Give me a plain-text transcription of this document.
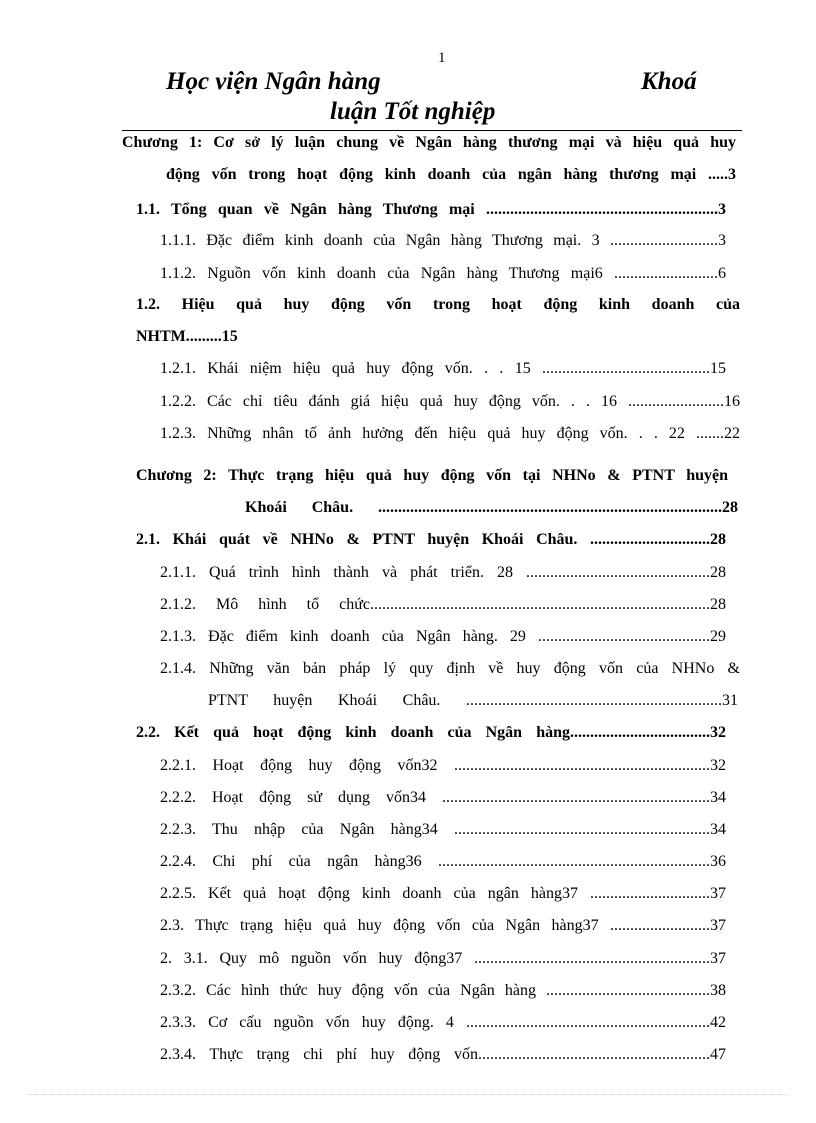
1
Học viện Ngân hàng	Khoá
luận Tốt nghiệp
Chương 1: Cơ sở lý luận chung về Ngân hàng thương mại và hiệu quả huy
động vốn trong hoạt động kinh doanh của ngân hàng thương mại .....3
1.1. Tổng quan về Ngân hàng Thương mại ..........................................................3
1.1.1. Đặc điểm kinh doanh của Ngân hàng Thương mại. 3 ...........................3
1.1.2. Nguồn vốn kinh doanh của Ngân hàng Thương mại6 ..........................6
1.2. Hiệu quả huy động vốn trong hoạt động kinh doanh của
NHTM.........15
1.2.1. Khái niệm hiệu quả huy động vốn. . . 15 ..........................................15
1.2.2. Các chỉ tiêu đánh giá hiệu quả huy động vốn. . . 16 ........................16
1.2.3. Những nhân tố ảnh hưởng đến hiệu quả huy động vốn. . . 22 .......22
Chương 2: Thực trạng hiệu quả huy động vốn tại NHNo & PTNT huyện
Khoái Châu. ......................................................................................28
2.1. Khái quát về NHNo & PTNT huyện Khoái Châu. ..............................28
2.1.1. Quá trình hình thành và phát triển. 28 ..............................................28
2.1.2. Mô hình tổ chức.....................................................................................28
2.1.3. Đặc điểm kinh doanh của Ngân hàng. 29 ...........................................29
2.1.4. Những văn bản pháp lý quy định về huy động vốn của NHNo &
PTNT huyện Khoái Châu. ................................................................31
2.2. Kết quả hoạt động kinh doanh của Ngân hàng...................................32
2.2.1. Hoạt động huy động vốn32 ................................................................32
2.2.2. Hoạt động sử dụng vốn34 ...................................................................34
2.2.3. Thu nhập của Ngân hàng34 ................................................................34
2.2.4. Chi phí của ngân hàng36 ....................................................................36
2.2.5. Kết quả hoạt động kinh doanh của ngân hàng37 ..............................37
2.3. Thực trạng hiệu quả huy động vốn của Ngân hàng37 .........................37
2. 3.1. Quy mô nguồn vốn huy động37 ...........................................................37
2.3.2. Các hình thức huy động vốn của Ngân hàng .........................................38
2.3.3. Cơ cấu nguồn vốn huy động. 4 .............................................................42
2.3.4. Thực trạng chi phí huy động vốn..........................................................47
